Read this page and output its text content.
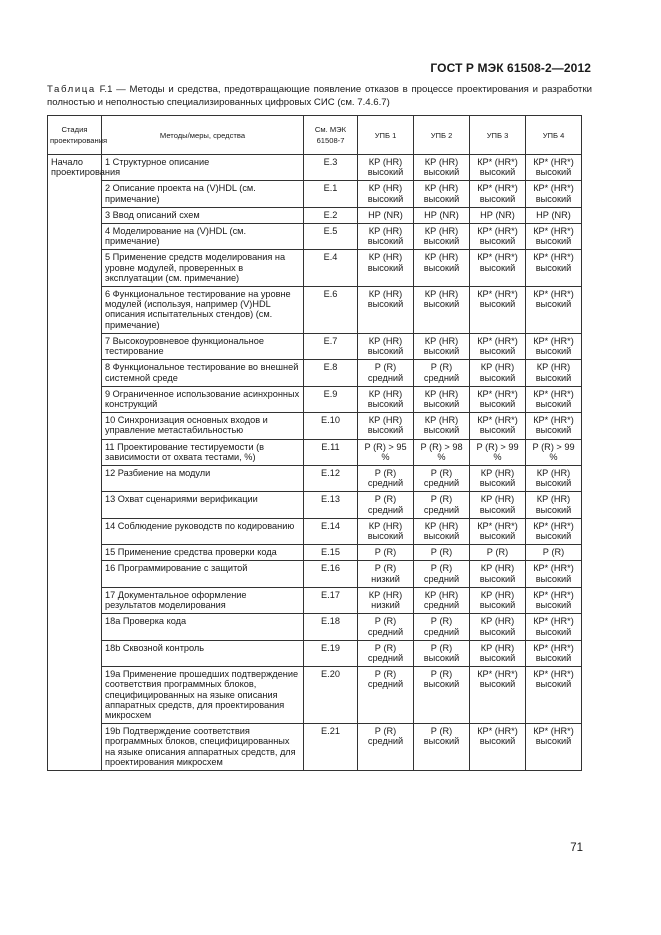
ГОСТ Р МЭК 61508-2—2012
Таблица F.1 — Методы и средства, предотвращающие появление отказов в процессе проектирования и разработки полностью и неполностью специализированных цифровых СИС (см. 7.4.6.7)
Стадия проектирования	Методы/меры, средства	См. МЭК 61508-7	УПБ 1	УПБ 2	УПБ 3	УПБ 4
Начало проектирования	1 Структурное описание	E.3	КР (HR) высокий	КР (HR) высокий	КР* (HR*) высокий	КР* (HR*) высокий
	2 Описание проекта на (V)HDL (см. примечание)	E.1	КР (HR) высокий	КР (HR) высокий	КР* (HR*) высокий	КР* (HR*) высокий
	3 Ввод описаний схем	E.2	НР (NR)	НР (NR)	НР (NR)	НР (NR)
	4 Моделирование на (V)HDL (см. примечание)	E.5	КР (HR) высокий	КР (HR) высокий	КР* (HR*) высокий	КР* (HR*) высокий
	5 Применение средств моделирования на уровне модулей, проверенных в эксплуатации (см. примечание)	E.4	КР (HR) высокий	КР (HR) высокий	КР* (HR*) высокий	КР* (HR*) высокий
	6 Функциональное тестирование на уровне модулей (используя, например (V)HDL описания испытательных стендов) (см. примечание)	E.6	КР (HR) высокий	КР (HR) высокий	КР* (HR*) высокий	КР* (HR*) высокий
	7 Высокоуровневое функциональное тестирование	E.7	КР (HR) высокий	КР (HR) высокий	КР* (HR*) высокий	КР* (HR*) высокий
	8 Функциональное тестирование во внешней системной среде	E.8	Р (R) средний	Р (R) средний	КР (HR) высокий	КР (HR) высокий
	9 Ограниченное использование асинхронных конструкций	E.9	КР (HR) высокий	КР (HR) высокий	КР* (HR*) высокий	КР* (HR*) высокий
	10 Синхронизация основных входов и управление метастабильностью	E.10	КР (HR) высокий	КР (HR) высокий	КР* (HR*) высокий	КР* (HR*) высокий
	11 Проектирование тестируемости (в зависимости от охвата тестами, %)	E.11	Р (R) > 95 %	Р (R) > 98 %	Р (R) > 99 %	Р (R) > 99 %
	12 Разбиение на модули	E.12	Р (R) средний	Р (R) средний	КР (HR) высокий	КР (HR) высокий
	13 Охват сценариями верификации	E.13	Р (R) средний	Р (R) средний	КР (HR) высокий	КР (HR) высокий
	14 Соблюдение руководств по кодированию	E.14	КР (HR) высокий	КР (HR) высокий	КР* (HR*) высокий	КР* (HR*) высокий
	15 Применение средства проверки кода	E.15	Р (R)	Р (R)	Р (R)	Р (R)
	16 Программирование с защитой	E.16	Р (R) низкий	Р (R) средний	КР (HR) высокий	КР* (HR*) высокий
	17 Документальное оформление результатов моделирования	E.17	КР (HR) низкий	КР (HR) средний	КР (HR) высокий	КР* (HR*) высокий
	18a Проверка кода	E.18	Р (R) средний	Р (R) средний	КР (HR) высокий	КР* (HR*) высокий
	18b Сквозной контроль	E.19	Р (R) средний	Р (R) высокий	КР (HR) высокий	КР* (HR*) высокий
	19a Применение прошедших подтверждение соответствия программных блоков, специфицированных на языке описания аппаратных средств, для проектирования микросхем	E.20	Р (R) средний	Р (R) высокий	КР* (HR*) высокий	КР* (HR*) высокий
	19b Подтверждение соответствия программных блоков, специфицированных на языке описания аппаратных средств, для проектирования микросхем	E.21	Р (R) средний	Р (R) высокий	КР* (HR*) высокий	КР* (HR*) высокий
71
